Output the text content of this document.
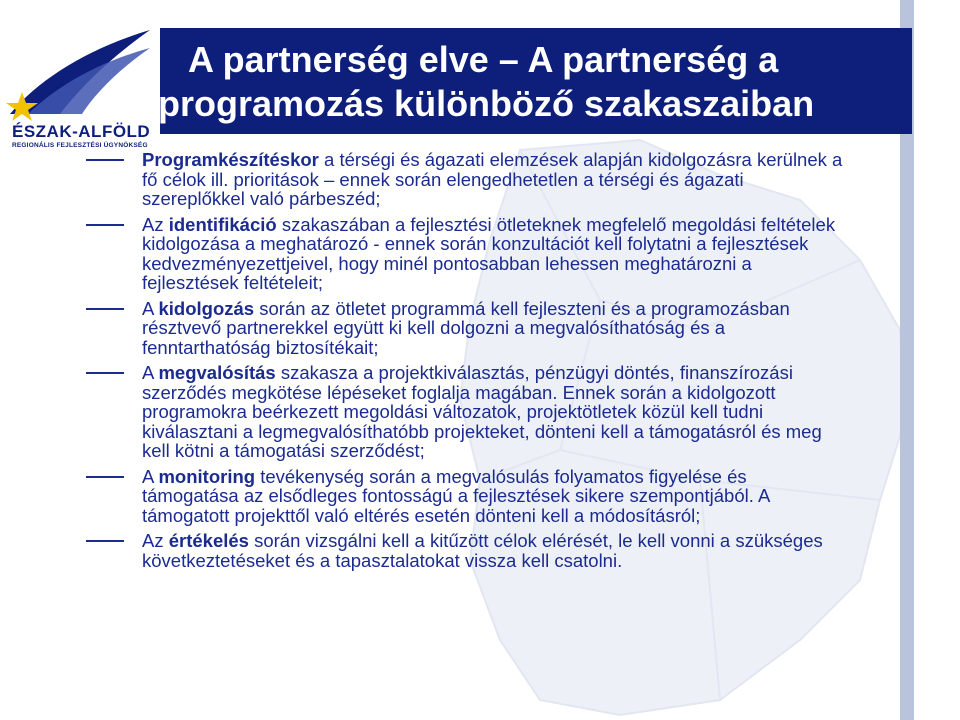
A partnerség elve – A partnerség a
programozás különböző szakaszaiban
ÉSZAK-ALFÖLD
REGIONÁLIS FEJLESZTÉSI ÜGYNÖKSÉG

Programkészítéskor a térségi és ágazati elemzések alapján kidolgozásra kerülnek a fő célok ill. prioritások – ennek során elengedhetetlen a térségi és ágazati szereplőkkel való párbeszéd;

Az identifikáció szakaszában a fejlesztési ötleteknek megfelelő megoldási feltételek kidolgozása a meghatározó - ennek során konzultációt kell folytatni a fejlesztések kedvezményezettjeivel, hogy minél pontosabban lehessen meghatározni a fejlesztések feltételeit;

A kidolgozás során az ötletet programmá kell fejleszteni és a programozásban résztvevő partnerekkel együtt ki kell dolgozni a megvalósíthatóság és a fenntarthatóság biztosítékait;

A megvalósítás szakasza a projektkiválasztás, pénzügyi döntés, finanszírozási szerződés megkötése lépéseket foglalja magában. Ennek során a kidolgozott programokra beérkezett megoldási változatok, projektötletek közül kell tudni kiválasztani a legmegvalósíthatóbb projekteket, dönteni kell a támogatásról és meg kell kötni a támogatási szerződést;

A monitoring tevékenység során a megvalósulás folyamatos figyelése és támogatása az elsődleges fontosságú a fejlesztések sikere szempontjából. A támogatott projekttől való eltérés esetén dönteni kell a módosításról;

Az értékelés során vizsgálni kell a kitűzött célok elérését, le kell vonni a szükséges következtetéseket és a tapasztalatokat vissza kell csatolni.
